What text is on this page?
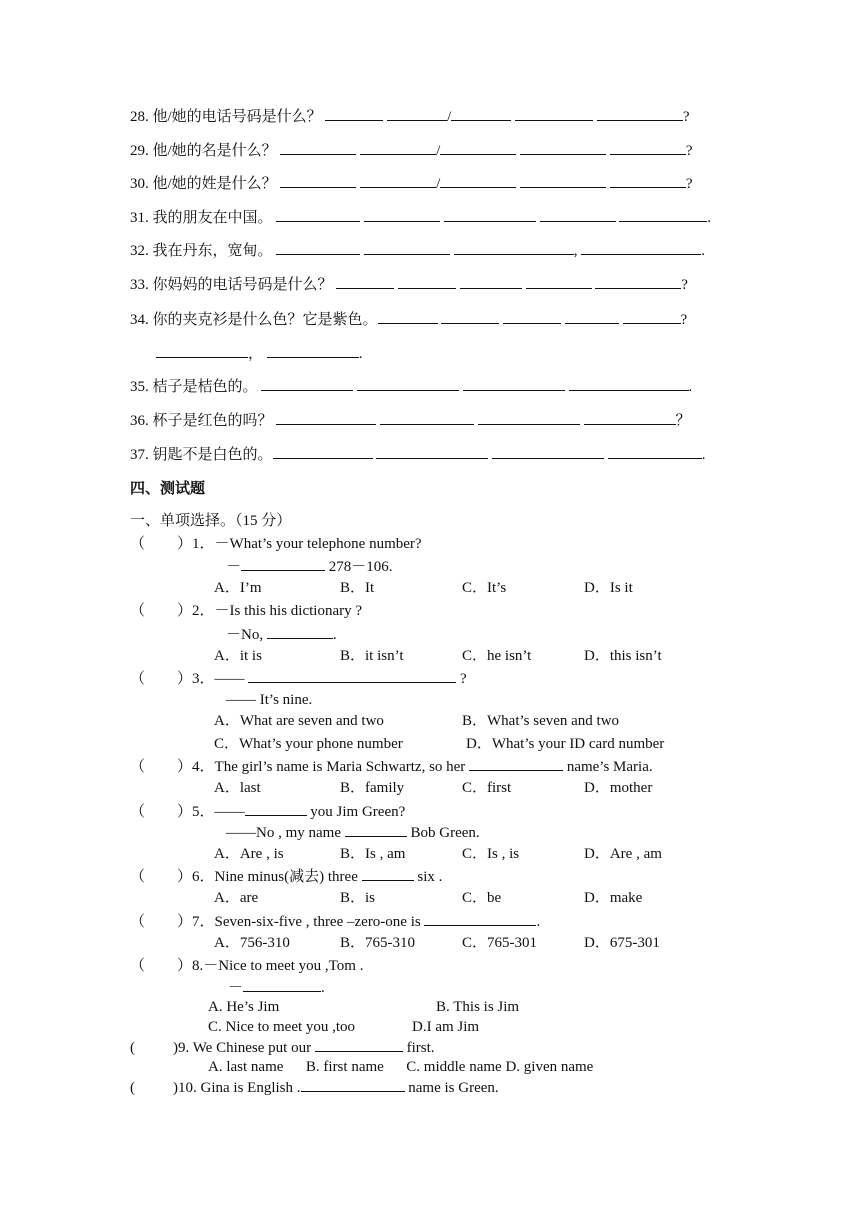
28. 他/她的电话号码是什么？	/	?
29. 他/她的名是什么？	/	?
30. 他/她的姓是什么？	/	?
31. 我的朋友在中国。	.
32. 我在丹东，宽甸。	,	.
33. 你妈妈的电话号码是什么？	?
34. 你的夹克衫是什么色？它是紫色。	?
，	.
35. 桔子是桔色的。	.
36. 杯子是红色的吗？	？
37. 钥匙不是白色的。	.
四、测试题
一、单项选择。（15 分）
（ ）1．－What’s your telephone number?
－	278－106.
A．I’m	B．It	C．It’s	D．Is it
（ ）2．－Is this his dictionary ?
－No,	.
A．it is	B．it isn’t	C．he isn’t	D．this isn’t
（ ）3．——	?
—— It’s nine.
A．What are seven and two	B．What’s seven and two
C．What’s your phone number	D．What’s your ID card number
（ ）4．The girl’s name is Maria Schwartz, so her	name’s Maria.
A．last	B．family	C．first	D．mother
（ ）5．——	you Jim Green?
——No , my name	Bob Green.
A．Are , is	B．Is , am	C．Is , is	D．Are , am
（ ）6．Nine minus(减去) three	six .
A．are	B．is	C．be	D．make
（ ）7．Seven-six-five , three –zero-one is	.
A．756-310	B．765-310	C．765-301	D．675-301
（ ）8.－Nice to meet you ,Tom .
－	.
A. He’s Jim	B. This is Jim
C. Nice to meet you ,too	D.I am Jim
(	)9. We Chinese put our	first.
A. last name      B. first name      C. middle name D. given name
(	)10. Gina is English .	name is Green.
